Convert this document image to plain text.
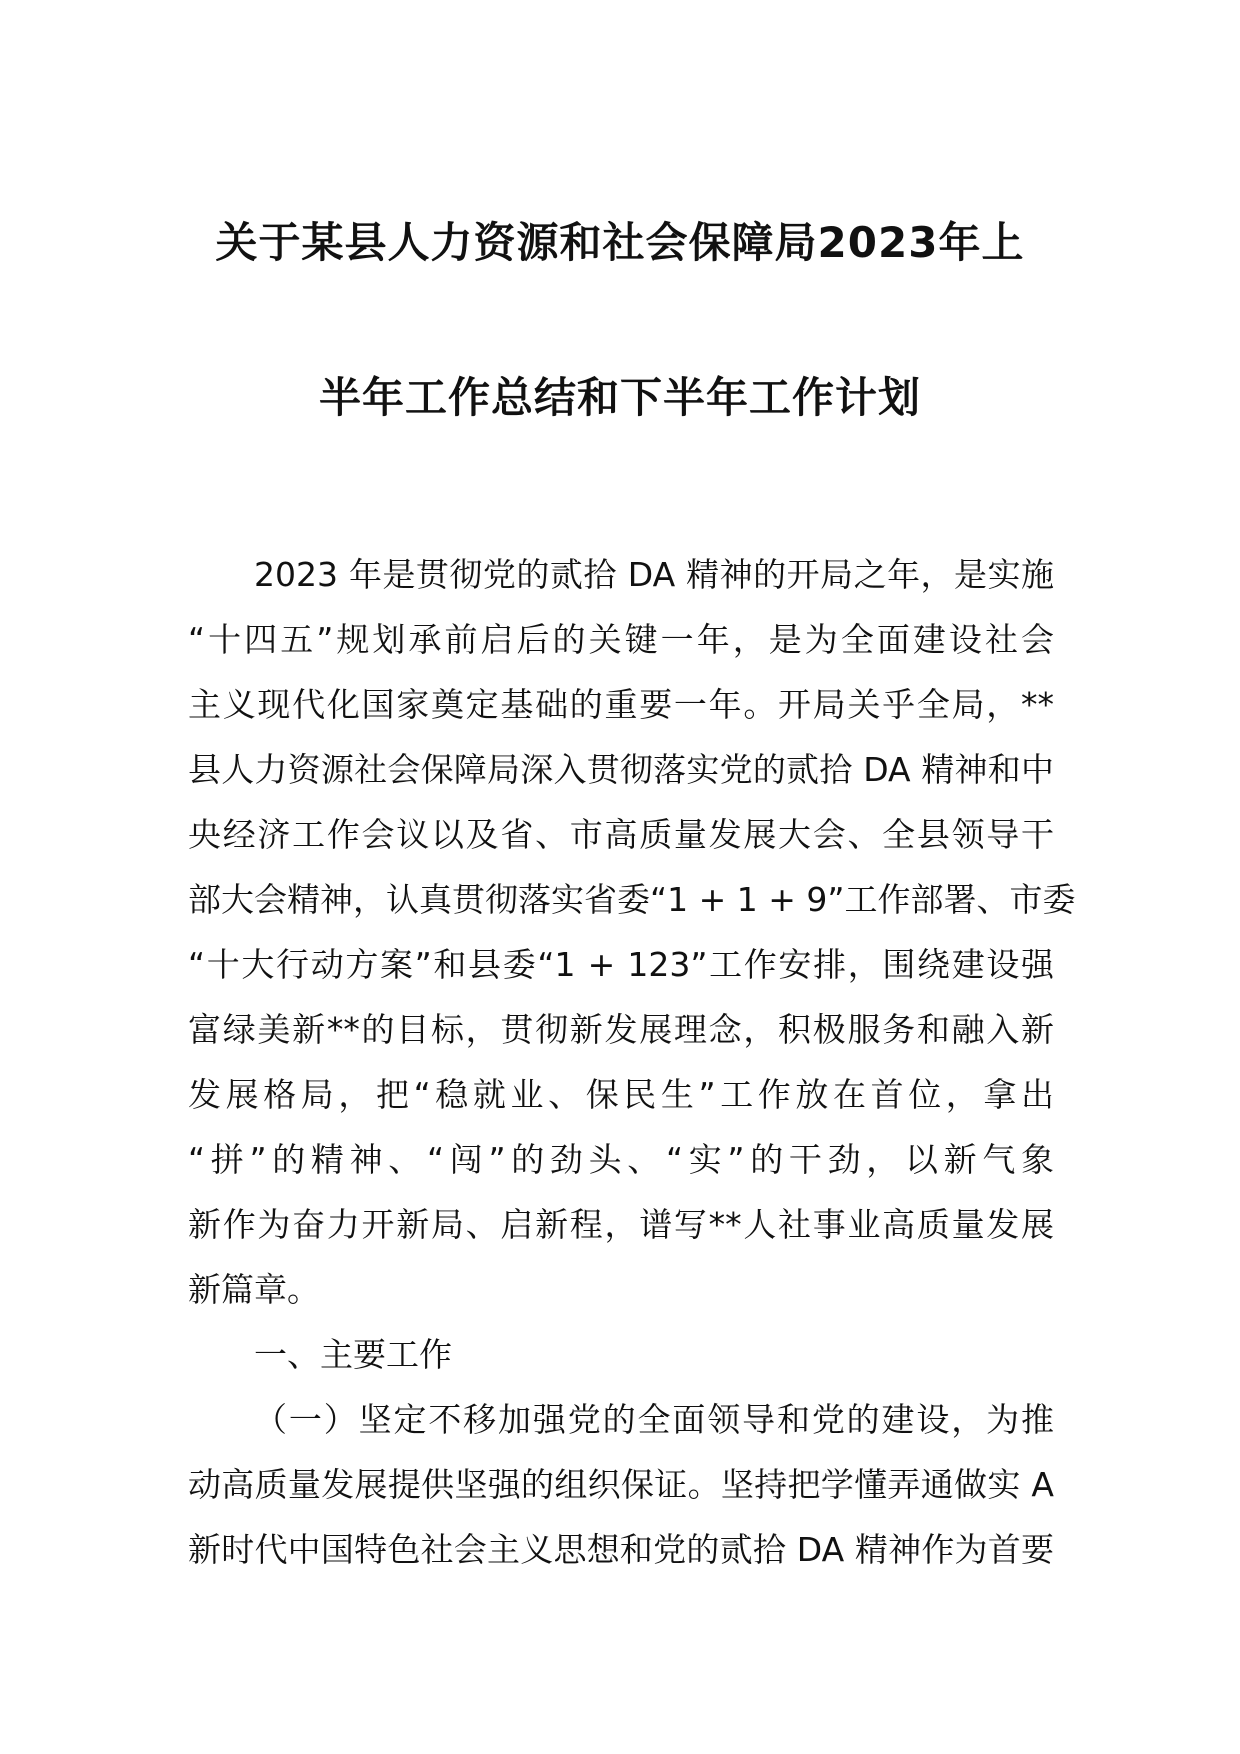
关于某县人力资源和社会保障局2023年上
半年工作总结和下半年工作计划
2023 年是贯彻党的贰拾 DA 精神的开局之年，是实施
“十四五”规划承前启后的关键一年，是为全面建设社会
主义现代化国家奠定基础的重要一年。开局关乎全局，**
县人力资源社会保障局深入贯彻落实党的贰拾 DA 精神和中
央经济工作会议以及省、市高质量发展大会、全县领导干
部大会精神，认真贯彻落实省委“1 + 1 + 9”工作部署、市委
“十大行动方案”和县委“1 + 123”工作安排，围绕建设强
富绿美新**的目标，贯彻新发展理念，积极服务和融入新
发展格局，把“稳就业、保民生”工作放在首位，拿出
“拼”的精神、“闯”的劲头、“实”的干劲，以新气象
新作为奋力开新局、启新程，谱写**人社事业高质量发展
新篇章。
一、主要工作
（一）坚定不移加强党的全面领导和党的建设，为推
动高质量发展提供坚强的组织保证。坚持把学懂弄通做实 A
新时代中国特色社会主义思想和党的贰拾 DA 精神作为首要
